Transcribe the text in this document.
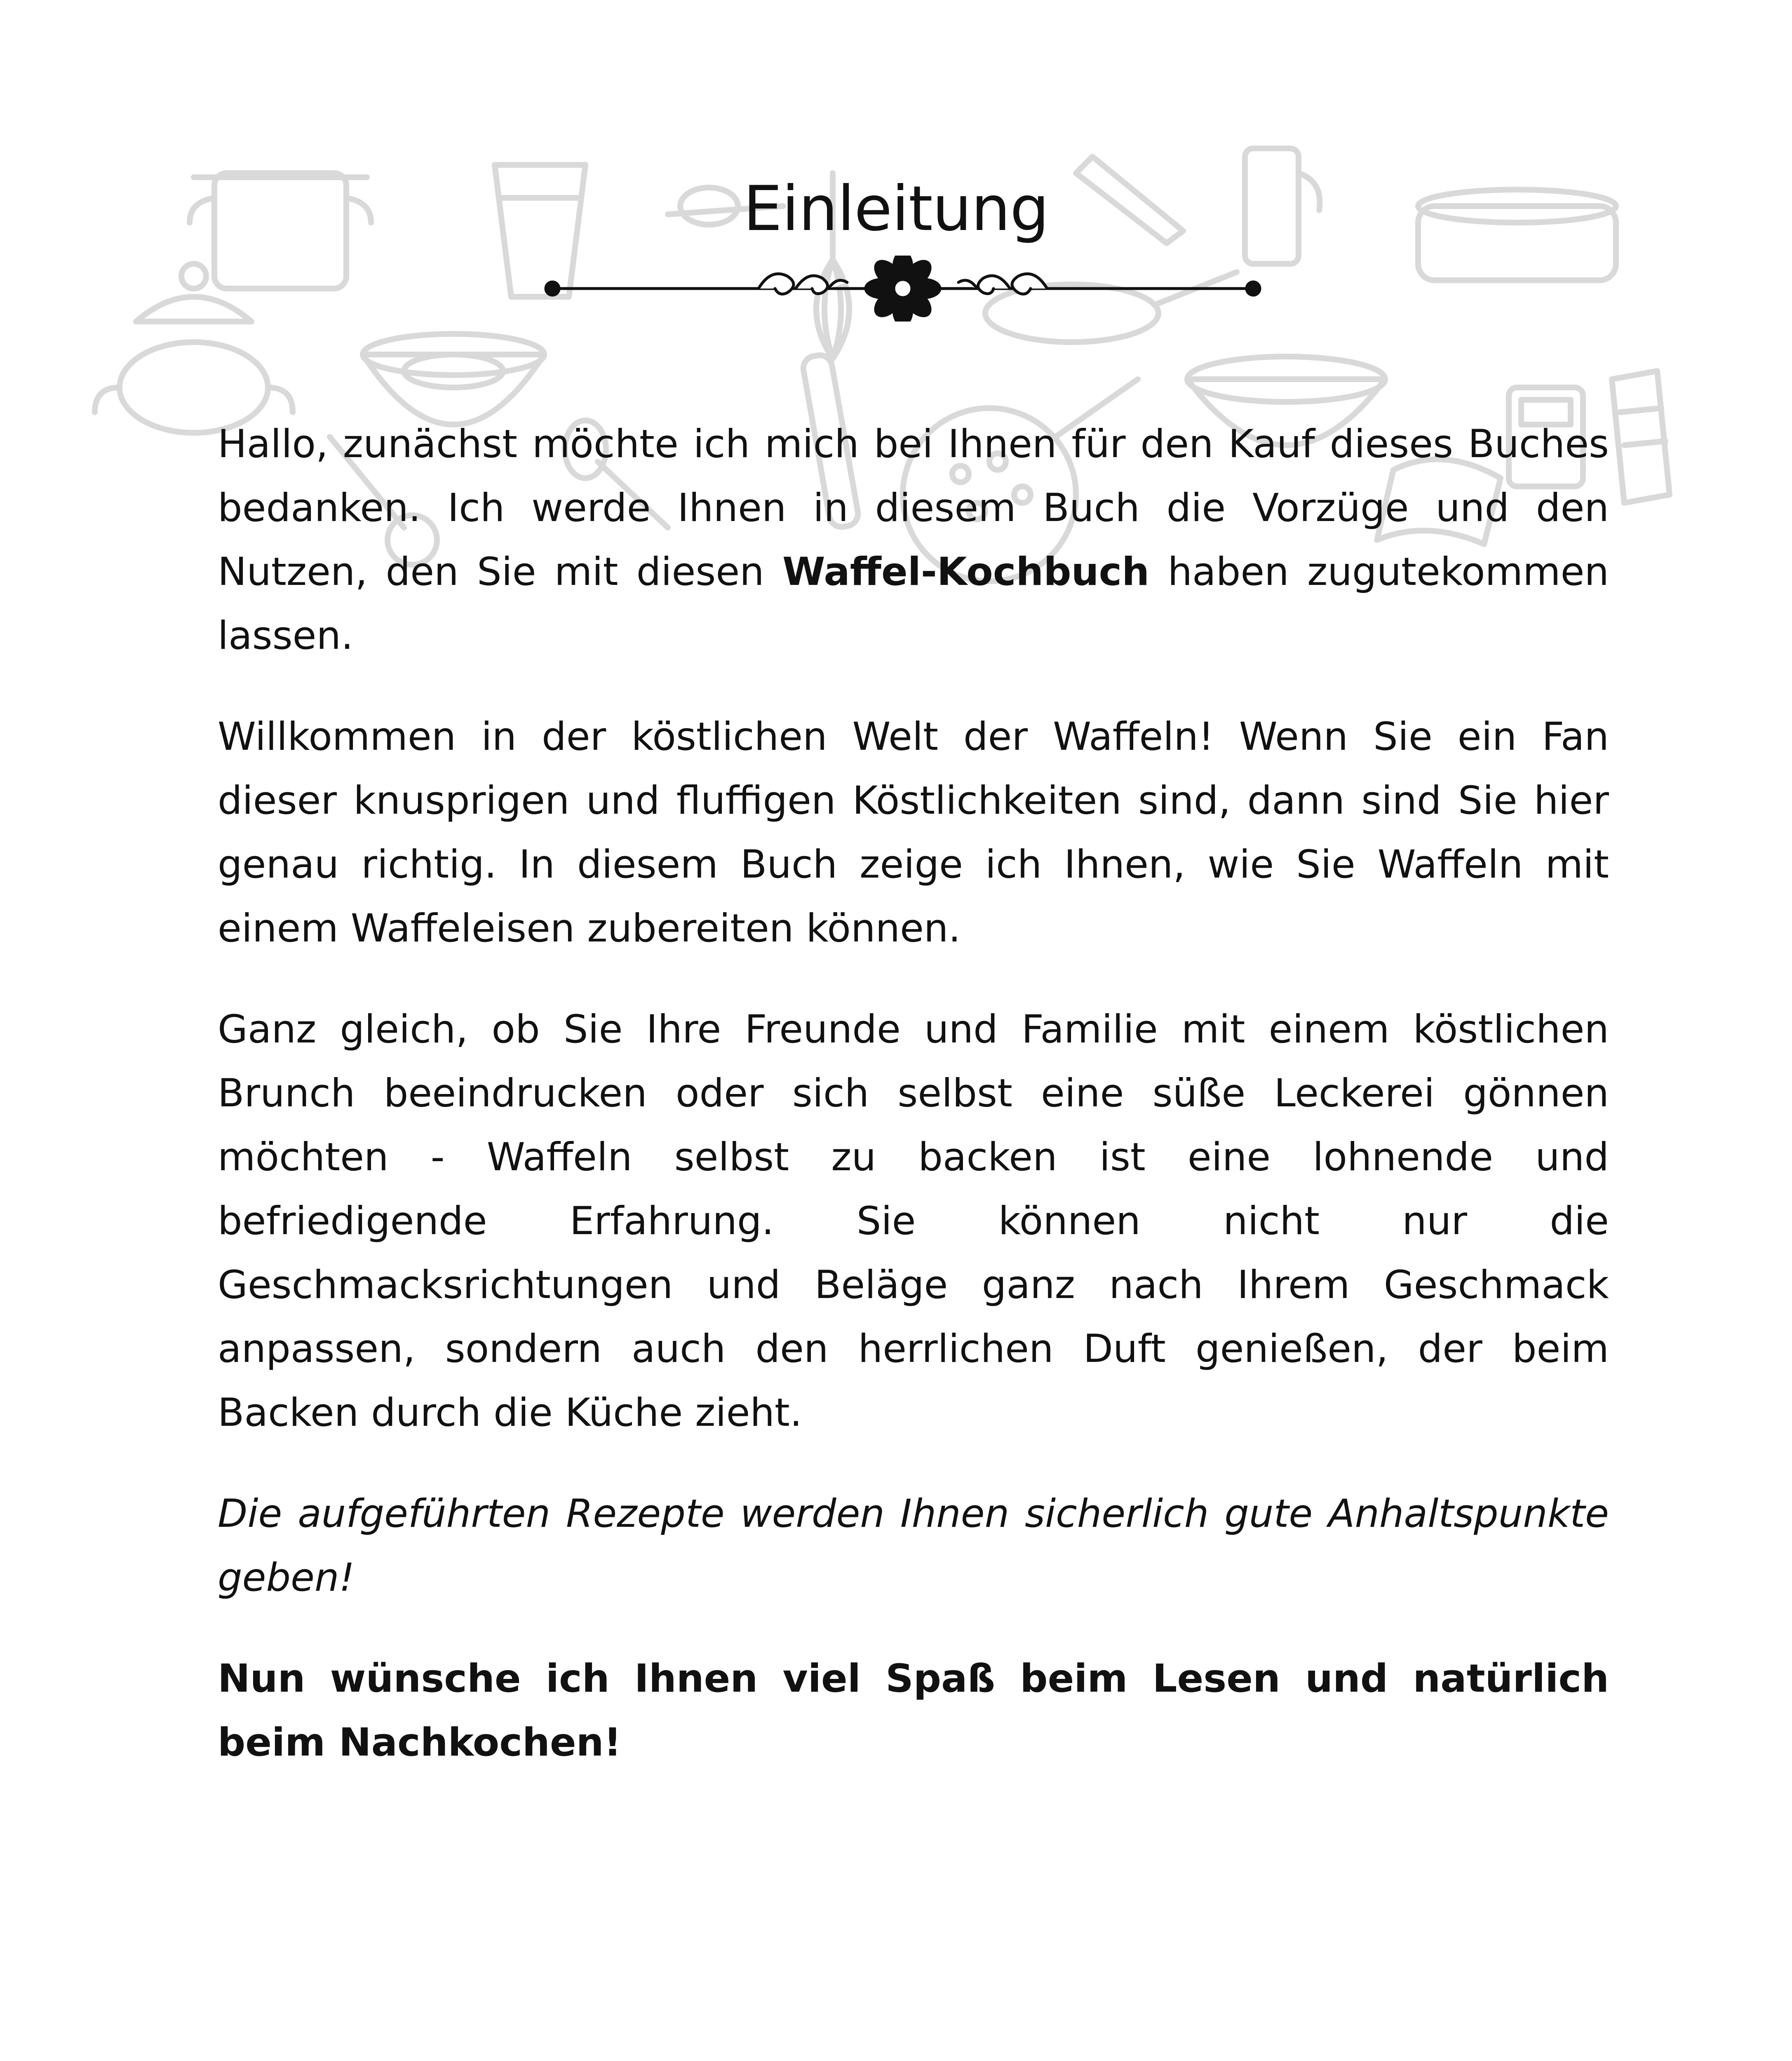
Einleitung

Hallo, zunächst möchte ich mich bei Ihnen für den Kauf dieses Buches bedanken. Ich werde Ihnen in diesem Buch die Vorzüge und den Nutzen, den Sie mit diesen Waffel-Kochbuch haben zugutekommen lassen.

Willkommen in der köstlichen Welt der Waffeln! Wenn Sie ein Fan dieser knusprigen und fluffigen Köstlichkeiten sind, dann sind Sie hier genau richtig. In diesem Buch zeige ich Ihnen, wie Sie Waffeln mit einem Waffeleisen zubereiten können.

Ganz gleich, ob Sie Ihre Freunde und Familie mit einem köstlichen Brunch beeindrucken oder sich selbst eine süße Leckerei gönnen möchten - Waffeln selbst zu backen ist eine lohnende und befriedigende Erfahrung. Sie können nicht nur die Geschmacksrichtungen und Beläge ganz nach Ihrem Geschmack anpassen, sondern auch den herrlichen Duft genießen, der beim Backen durch die Küche zieht.

Die aufgeführten Rezepte werden Ihnen sicherlich gute Anhaltspunkte geben!

Nun wünsche ich Ihnen viel Spaß beim Lesen und natürlich beim Nachkochen!
